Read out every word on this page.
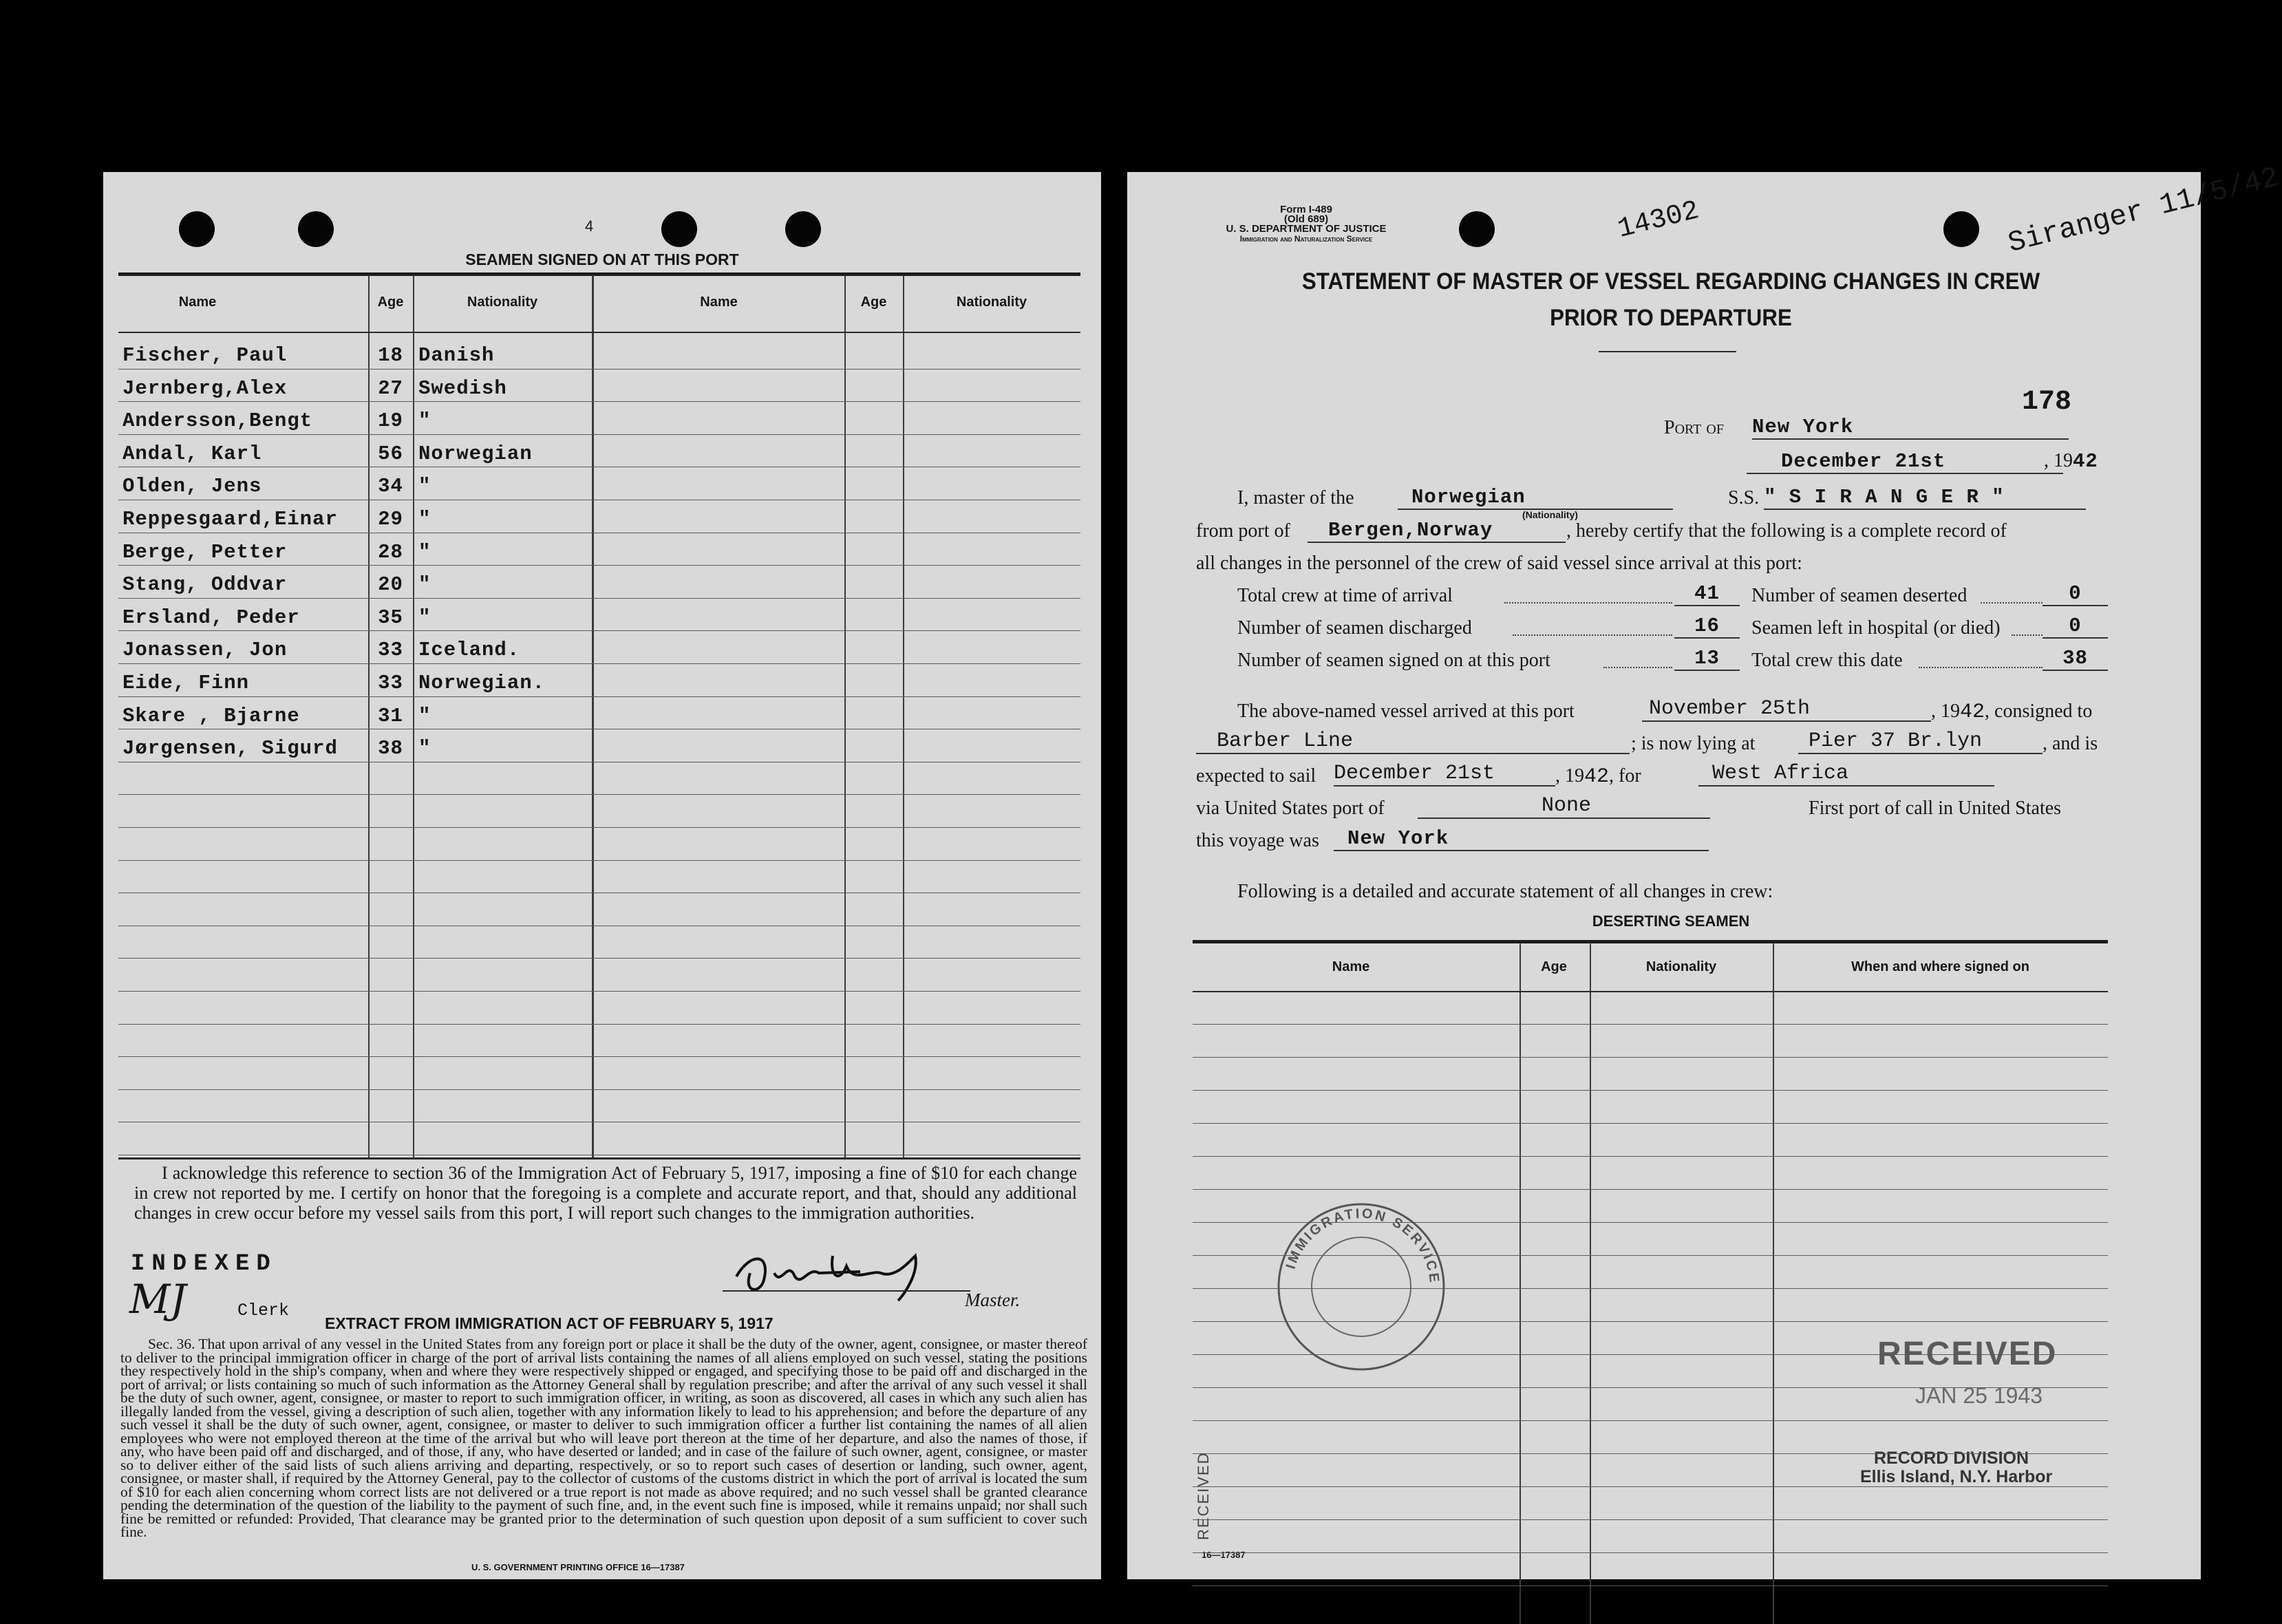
4
SEAMEN SIGNED ON AT THIS PORT
Name	Age	Nationality	Name	Age	Nationality
I acknowledge this reference to section 36 of the Immigration Act of February 5, 1917, imposing a fine of $10 for each change in crew not reported by me. I certify on honor that the foregoing is a complete and accurate report, and that, should any additional changes in crew occur before my vessel sails from this port, I will report such changes to the immigration authorities.
INDEXED
MJ	Clerk
Master.
EXTRACT FROM IMMIGRATION ACT OF FEBRUARY 5, 1917
Sec. 36. That upon arrival of any vessel in the United States from any foreign port or place it shall be the duty of the owner, agent, consignee, or master thereof to deliver to the principal immigration officer in charge of the port of arrival lists containing the names of all aliens employed on such vessel, stating the positions they respectively hold in the ship's company, when and where they were respectively shipped or engaged, and specifying those to be paid off and discharged in the port of arrival; or lists containing so much of such information as the Attorney General shall by regulation prescribe; and after the arrival of any such vessel it shall be the duty of such owner, agent, consignee, or master to report to such immigration officer, in writing, as soon as discovered, all cases in which any such alien has illegally landed from the vessel, giving a description of such alien, together with any information likely to lead to his apprehension; and before the departure of any such vessel it shall be the duty of such owner, agent, consignee, or master to deliver to such immigration officer a further list containing the names of all alien employees who were not employed thereon at the time of the arrival but who will leave port thereon at the time of her departure, and also the names of those, if any, who have been paid off and discharged, and of those, if any, who have deserted or landed; and in case of the failure of such owner, agent, consignee, or master so to deliver either of the said lists of such aliens arriving and departing, respectively, or so to report such cases of desertion or landing, such owner, agent, consignee, or master shall, if required by the Attorney General, pay to the collector of customs of the customs district in which the port of arrival is located the sum of $10 for each alien concerning whom correct lists are not delivered or a true report is not made as above required; and no such vessel shall be granted clearance pending the determination of the question of the liability to the payment of such fine, and, in the event such fine is imposed, while it remains unpaid; nor shall such fine be remitted or refunded: Provided, That clearance may be granted prior to the determination of such question upon deposit of a sum sufficient to cover such fine.
U. S. GOVERNMENT PRINTING OFFICE 16—17387
Fischer, Paul	18 Danish
Jernberg,Alex	27 Swedish
Andersson,Bengt	19 "
Andal, Karl	56 Norwegian
Olden, Jens	34 "
Reppesgaard,Einar	29 "
Berge, Petter	28 "
Stang, Oddvar	20 "
Ersland, Peder	35 "
Jonassen, Jon	33 Iceland.
Eide, Finn	33 Norwegian.
Skare , Bjarne	31 "
Jørgensen, Sigurd	38 "
Form I-489
(Old 689)
U. S. DEPARTMENT OF JUSTICE
Immigration and Naturalization Service	14302	Siranger 11/5/42
STATEMENT OF MASTER OF VESSEL REGARDING CHANGES IN CREW
PRIOR TO DEPARTURE
178
Port of New York
December 21st	, 1942
I, master of the	Norwegian
(Nationality)
S.S. " S I R A N G E R "
from port of	Bergen,Norway	, hereby certify that the following is a complete record of
all changes in the personnel of the crew of said vessel since arrival at this port:
Total crew at time of arrival	41
Number of seamen discharged	16
Number of seamen signed on at this port	13
Number of seamen deserted	0
Seamen left in hospital (or died)	0
Total crew this date	38
The above-named vessel arrived at this port	November 25th	, 1942, consigned to
Barber Line	; is now lying at	Pier 37 Br.lyn	, and is
expected to sail December 21st	, 1942, for	West Africa
via United States port of	None	First port of call in United States
this voyage was	New York
Following is a detailed and accurate statement of all changes in crew:
DESERTING SEAMEN
Name	Age	Nationality	When and where signed on
RECEIVED
IMMIGRATION SERVICE
RECEIVED
JAN 25 1943
RECORD DIVISION
Ellis Island, N.Y. Harbor
16—17387
